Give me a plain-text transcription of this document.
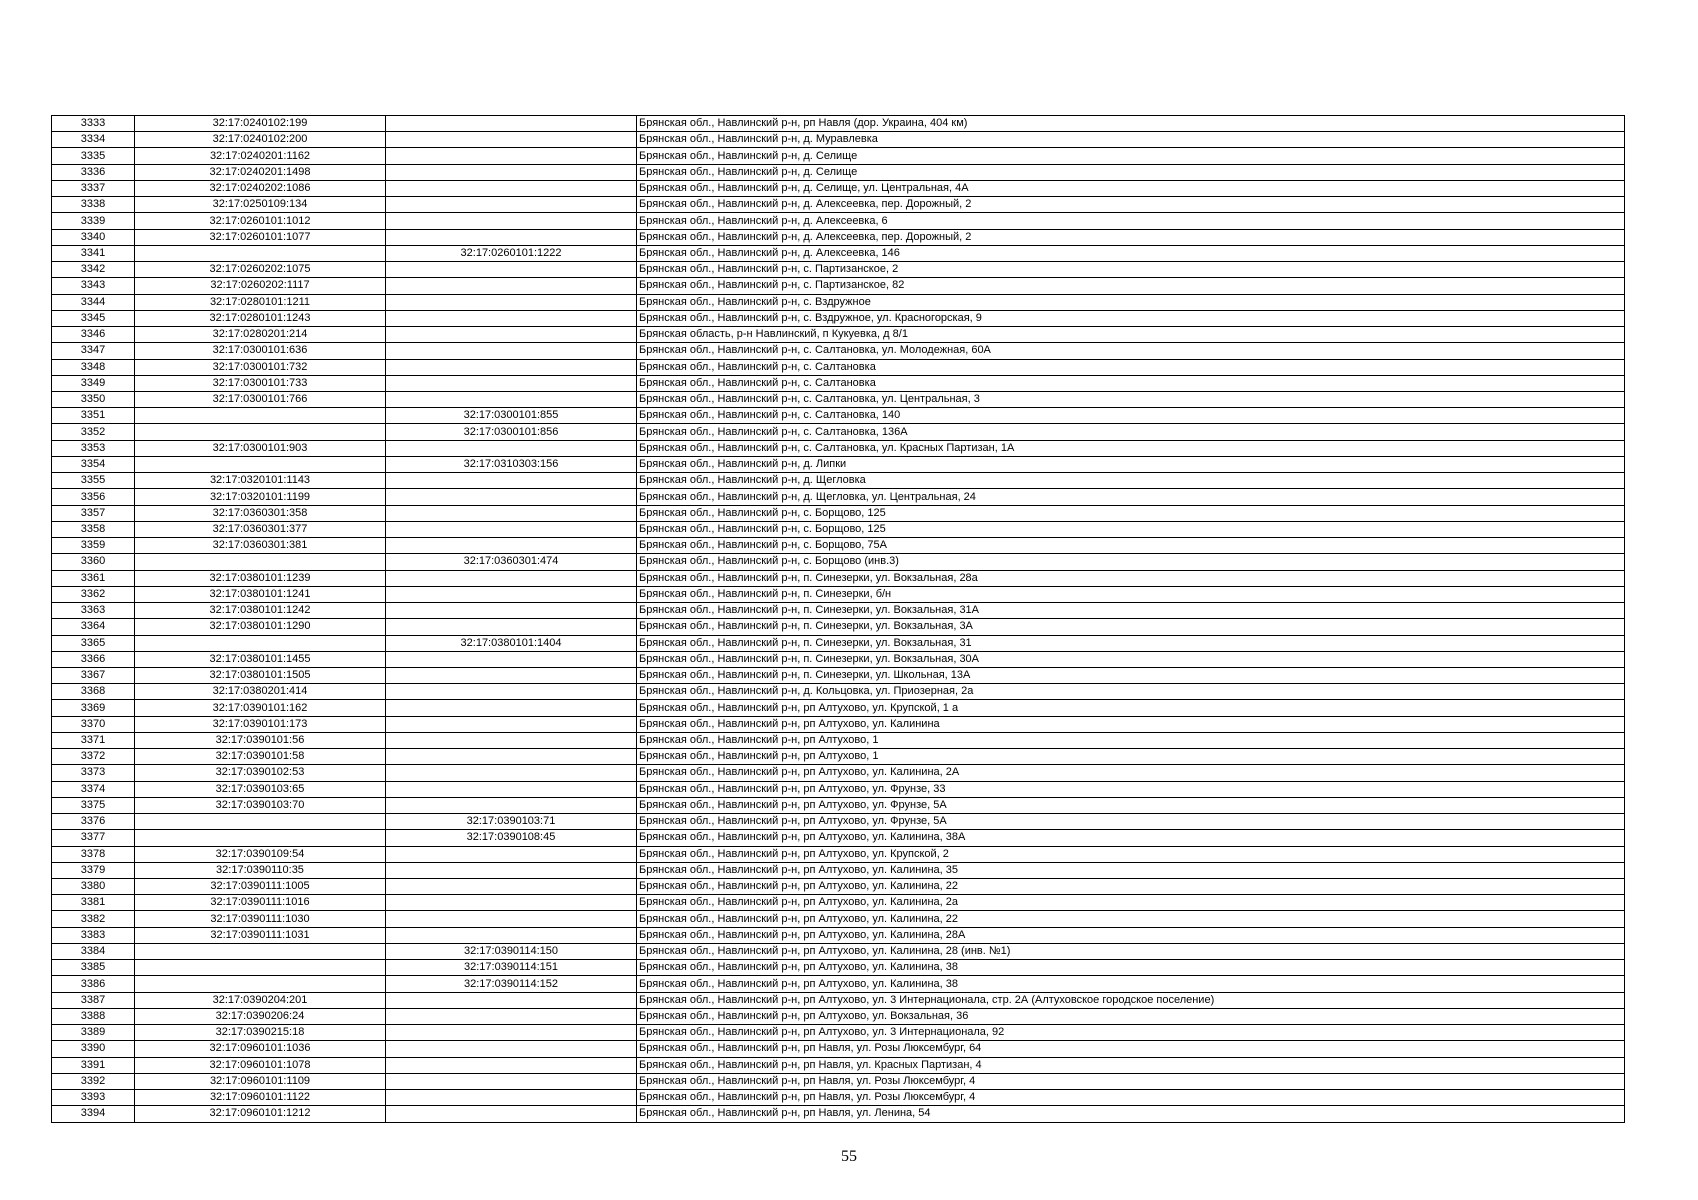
3333	32:17:0240102:199		Брянская обл., Навлинский р-н, рп Навля (дор. Украина, 404 км)
3334	32:17:0240102:200		Брянская обл., Навлинский р-н, д. Муравлевка
3335	32:17:0240201:1162		Брянская обл., Навлинский р-н, д. Селище
3336	32:17:0240201:1498		Брянская обл., Навлинский р-н, д. Селище
3337	32:17:0240202:1086		Брянская обл., Навлинский р-н, д. Селище, ул. Центральная, 4А
3338	32:17:0250109:134		Брянская обл., Навлинский р-н, д. Алексеевка, пер. Дорожный, 2
3339	32:17:0260101:1012		Брянская обл., Навлинский р-н, д. Алексеевка, 6
3340	32:17:0260101:1077		Брянская обл., Навлинский р-н, д. Алексеевка, пер. Дорожный, 2
3341		32:17:0260101:1222	Брянская обл., Навлинский р-н, д. Алексеевка, 146
3342	32:17:0260202:1075		Брянская обл., Навлинский р-н, с. Партизанское, 2
3343	32:17:0260202:1117		Брянская обл., Навлинский р-н, с. Партизанское, 82
3344	32:17:0280101:1211		Брянская обл., Навлинский р-н, с. Вздружное
3345	32:17:0280101:1243		Брянская обл., Навлинский р-н, с. Вздружное, ул. Красногорская, 9
3346	32:17:0280201:214		Брянская область, р-н Навлинский, п Кукуевка, д 8/1
3347	32:17:0300101:636		Брянская обл., Навлинский р-н, с. Салтановка, ул. Молодежная, 60А
3348	32:17:0300101:732		Брянская обл., Навлинский р-н, с. Салтановка
3349	32:17:0300101:733		Брянская обл., Навлинский р-н, с. Салтановка
3350	32:17:0300101:766		Брянская обл., Навлинский р-н, с. Салтановка, ул. Центральная, 3
3351		32:17:0300101:855	Брянская обл., Навлинский р-н, с. Салтановка, 140
3352		32:17:0300101:856	Брянская обл., Навлинский р-н, с. Салтановка, 136А
3353	32:17:0300101:903		Брянская обл., Навлинский р-н, с. Салтановка, ул. Красных Партизан, 1А
3354		32:17:0310303:156	Брянская обл., Навлинский р-н, д. Липки
3355	32:17:0320101:1143		Брянская обл., Навлинский р-н, д. Щегловка
3356	32:17:0320101:1199		Брянская обл., Навлинский р-н, д. Щегловка, ул. Центральная, 24
3357	32:17:0360301:358		Брянская обл., Навлинский р-н, с. Борщово, 125
3358	32:17:0360301:377		Брянская обл., Навлинский р-н, с. Борщово, 125
3359	32:17:0360301:381		Брянская обл., Навлинский р-н, с. Борщово, 75А
3360		32:17:0360301:474	Брянская обл., Навлинский р-н, с. Борщово (инв.3)
3361	32:17:0380101:1239		Брянская обл., Навлинский р-н, п. Синезерки, ул. Вокзальная, 28а
3362	32:17:0380101:1241		Брянская обл., Навлинский р-н, п. Синезерки, б/н
3363	32:17:0380101:1242		Брянская обл., Навлинский р-н, п. Синезерки, ул. Вокзальная, 31А
3364	32:17:0380101:1290		Брянская обл., Навлинский р-н, п. Синезерки, ул. Вокзальная, 3А
3365		32:17:0380101:1404	Брянская обл., Навлинский р-н, п. Синезерки, ул. Вокзальная, 31
3366	32:17:0380101:1455		Брянская обл., Навлинский р-н, п. Синезерки, ул. Вокзальная, 30А
3367	32:17:0380101:1505		Брянская обл., Навлинский р-н, п. Синезерки, ул. Школьная, 13А
3368	32:17:0380201:414		Брянская обл., Навлинский р-н, д. Кольцовка, ул. Приозерная, 2а
3369	32:17:0390101:162		Брянская обл., Навлинский р-н, рп Алтухово, ул. Крупской, 1 а
3370	32:17:0390101:173		Брянская обл., Навлинский р-н, рп Алтухово, ул. Калинина
3371	32:17:0390101:56		Брянская обл., Навлинский р-н, рп Алтухово, 1
3372	32:17:0390101:58		Брянская обл., Навлинский р-н, рп Алтухово, 1
3373	32:17:0390102:53		Брянская обл., Навлинский р-н, рп Алтухово, ул. Калинина, 2А
3374	32:17:0390103:65		Брянская обл., Навлинский р-н, рп Алтухово, ул. Фрунзе, 33
3375	32:17:0390103:70		Брянская обл., Навлинский р-н, рп Алтухово, ул. Фрунзе, 5А
3376		32:17:0390103:71	Брянская обл., Навлинский р-н, рп Алтухово, ул. Фрунзе, 5А
3377		32:17:0390108:45	Брянская обл., Навлинский р-н, рп Алтухово, ул. Калинина, 38А
3378	32:17:0390109:54		Брянская обл., Навлинский р-н, рп Алтухово, ул. Крупской, 2
3379	32:17:0390110:35		Брянская обл., Навлинский р-н, рп Алтухово, ул. Калинина, 35
3380	32:17:0390111:1005		Брянская обл., Навлинский р-н, рп Алтухово, ул. Калинина, 22
3381	32:17:0390111:1016		Брянская обл., Навлинский р-н, рп Алтухово, ул. Калинина, 2а
3382	32:17:0390111:1030		Брянская обл., Навлинский р-н, рп Алтухово, ул. Калинина, 22
3383	32:17:0390111:1031		Брянская обл., Навлинский р-н, рп Алтухово, ул. Калинина, 28А
3384		32:17:0390114:150	Брянская обл., Навлинский р-н, рп Алтухово, ул. Калинина, 28 (инв. №1)
3385		32:17:0390114:151	Брянская обл., Навлинский р-н, рп Алтухово, ул. Калинина, 38
3386		32:17:0390114:152	Брянская обл., Навлинский р-н, рп Алтухово, ул. Калинина, 38
3387	32:17:0390204:201		Брянская обл., Навлинский р-н, рп Алтухово, ул. 3 Интернационала, стр. 2А (Алтуховское городское поселение)
3388	32:17:0390206:24		Брянская обл., Навлинский р-н, рп Алтухово, ул. Вокзальная, 36
3389	32:17:0390215:18		Брянская обл., Навлинский р-н, рп Алтухово, ул. 3 Интернационала, 92
3390	32:17:0960101:1036		Брянская обл., Навлинский р-н, рп Навля, ул. Розы Люксембург, 64
3391	32:17:0960101:1078		Брянская обл., Навлинский р-н, рп Навля, ул. Красных Партизан, 4
3392	32:17:0960101:1109		Брянская обл., Навлинский р-н, рп Навля, ул. Розы Люксембург, 4
3393	32:17:0960101:1122		Брянская обл., Навлинский р-н, рп Навля, ул. Розы Люксембург, 4
3394	32:17:0960101:1212		Брянская обл., Навлинский р-н, рп Навля, ул. Ленина, 54
55
